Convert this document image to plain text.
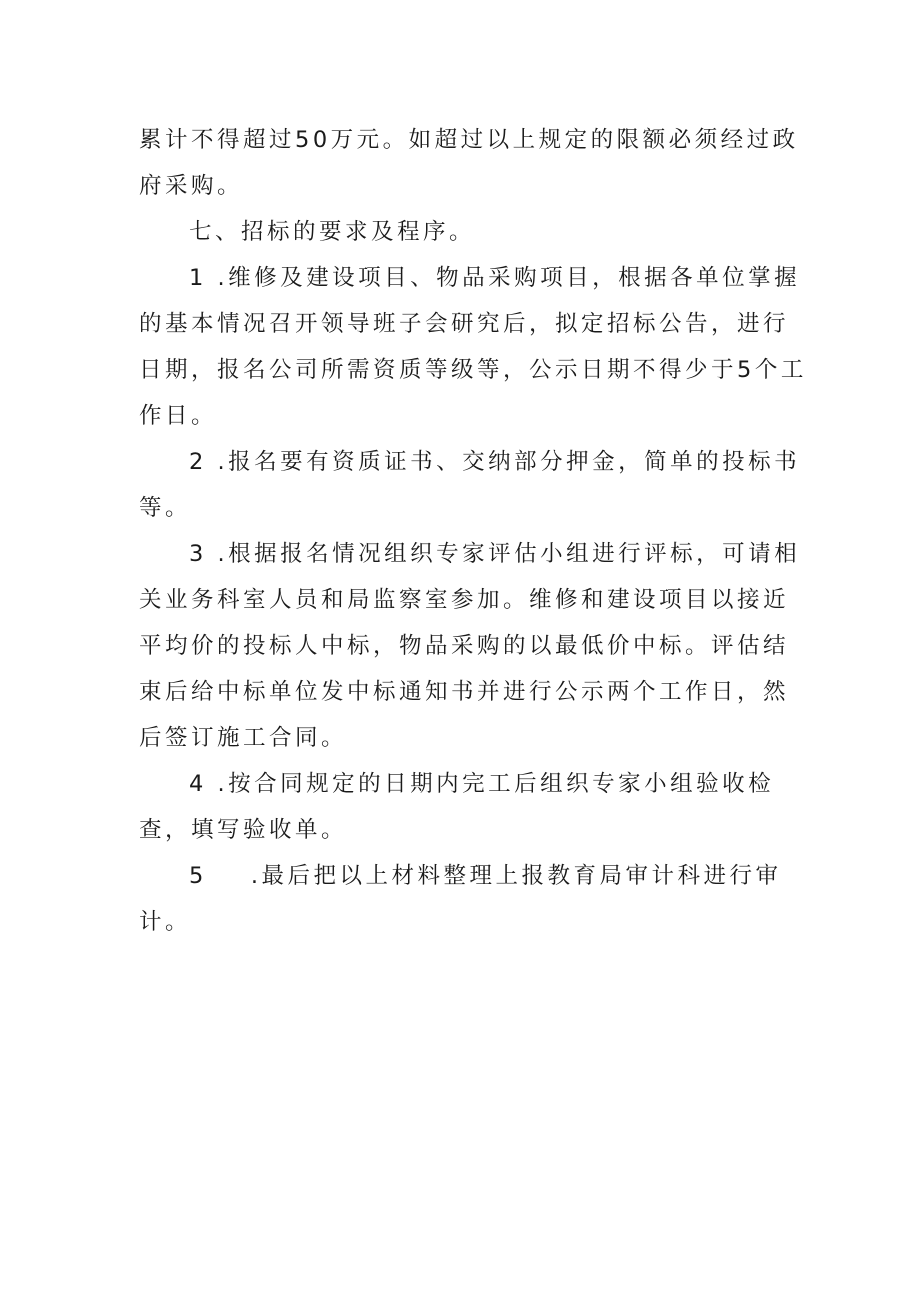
累计不得超过50万元。如超过以上规定的限额必须经过政府采购。

七、招标的要求及程序。

1 .维修及建设项目、物品采购项目，根据各单位掌握的基本情况召开领导班子会研究后，拟定招标公告，进行日期，报名公司所需资质等级等，公示日期不得少于5个工作日。

2 .报名要有资质证书、交纳部分押金，简单的投标书等。

3 .根据报名情况组织专家评估小组进行评标，可请相关业务科室人员和局监察室参加。维修和建设项目以接近平均价的投标人中标，物品采购的以最低价中标。评估结束后给中标单位发中标通知书并进行公示两个工作日，然后签订施工合同。

4 .按合同规定的日期内完工后组织专家小组验收检查，填写验收单。

5 .最后把以上材料整理上报教育局审计科进行审计。
